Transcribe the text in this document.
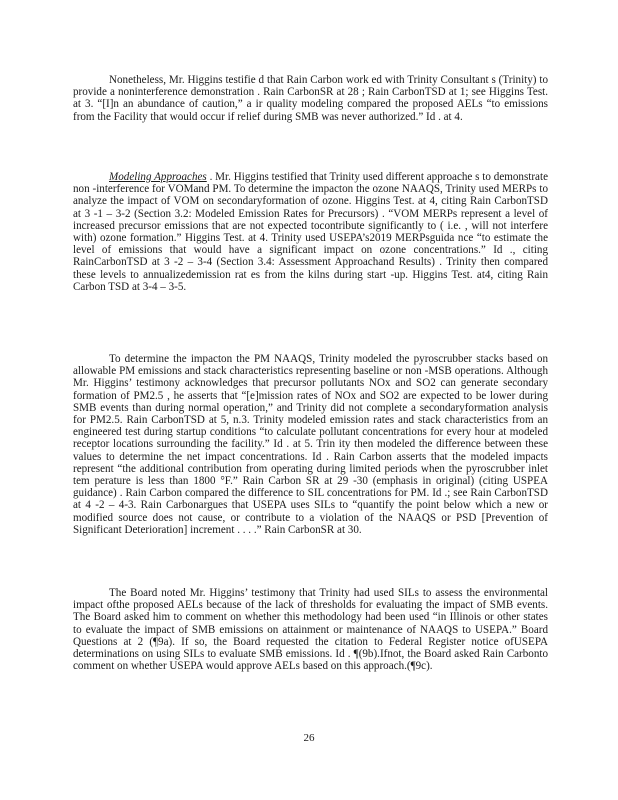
Nonetheless, Mr. Higgins testifie d that Rain Carbon work ed with Trinity Consultant s (Trinity) to provide a noninterference demonstration . Rain CarbonSR at 28 ; Rain CarbonTSD at 1; see Higgins Test. at 3. “[I]n an abundance of caution,” a ir quality modeling compared the proposed AELs “to emissions from the Facility that would occur if relief during SMB was never authorized.” Id . at 4.

Modeling Approaches . Mr. Higgins testified that Trinity used different approache s to demonstrate non -interference for VOMand PM. To determine the impacton the ozone NAAQS, Trinity used MERPs to analyze the impact of VOM on secondaryformation of ozone. Higgins Test. at 4, citing Rain CarbonTSD at 3 -1 – 3-2 (Section 3.2: Modeled Emission Rates for Precursors) . “VOM MERPs represent a level of increased precursor emissions that are not expected tocontribute significantly to ( i.e. , will not interfere with) ozone formation.” Higgins Test. at 4. Trinity used USEPA’s2019 MERPsguida nce “to estimate the level of emissions that would have a significant impact on ozone concentrations.” Id ., citing RainCarbonTSD at 3 -2 – 3-4 (Section 3.4: Assessment Approachand Results) . Trinity then compared these levels to annualizedemission rat es from the kilns during start -up. Higgins Test. at4, citing Rain Carbon TSD at 3-4 – 3-5.

To determine the impacton the PM NAAQS, Trinity modeled the pyroscrubber stacks based on allowable PM emissions and stack characteristics representing baseline or non -MSB operations. Although Mr. Higgins’ testimony acknowledges that precursor pollutants NOx and SO2 can generate secondary formation of PM2.5 , he asserts that “[e]mission rates of NOx and SO2 are expected to be lower during SMB events than during normal operation,” and Trinity did not complete a secondaryformation analysis for PM2.5. Rain CarbonTSD at 5, n.3. Trinity modeled emission rates and stack characteristics from an engineered test during startup conditions “to calculate pollutant concentrations for every hour at modeled receptor locations surrounding the facility.” Id . at 5. Trin ity then modeled the difference between these values to determine the net impact concentrations. Id . Rain Carbon asserts that the modeled impacts represent “the additional contribution from operating during limited periods when the pyroscrubber inlet tem perature is less than 1800 °F.” Rain Carbon SR at 29 -30 (emphasis in original) (citing USPEA guidance) . Rain Carbon compared the difference to SIL concentrations for PM. Id .; see Rain CarbonTSD at 4 -2 – 4-3. Rain Carbonargues that USEPA uses SILs to “quantify the point below which a new or modified source does not cause, or contribute to a violation of the NAAQS or PSD [Prevention of Significant Deterioration] increment . . . .” Rain CarbonSR at 30.

The Board noted Mr. Higgins’ testimony that Trinity had used SILs to assess the environmental impact ofthe proposed AELs because of the lack of thresholds for evaluating the impact of SMB events. The Board asked him to comment on whether this methodology had been used “in Illinois or other states to evaluate the impact of SMB emissions on attainment or maintenance of NAAQS to USEPA.” Board Questions at 2 (¶9a). If so, the Board requested the citation to Federal Register notice ofUSEPA determinations on using SILs to evaluate SMB emissions. Id . ¶(9b).Ifnot, the Board asked Rain Carbonto comment on whether USEPA would approve AELs based on this approach.(¶9c).

26
